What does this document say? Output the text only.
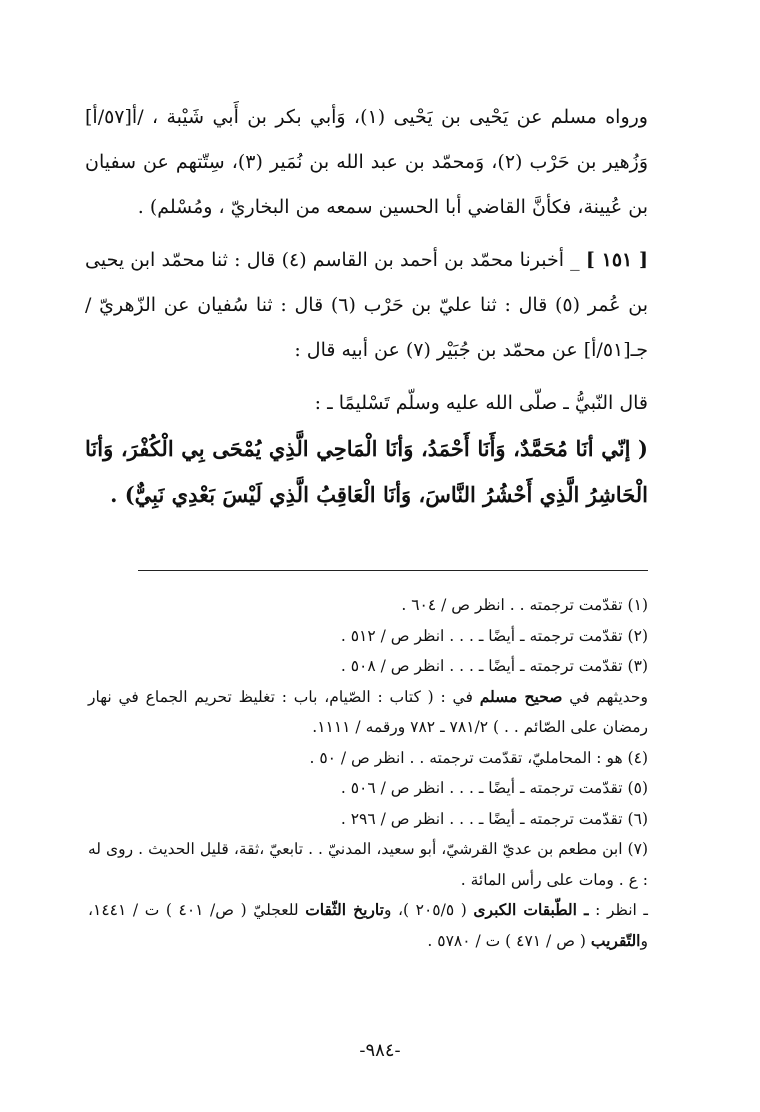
ورواه مسلم عن يَحْيى بن يَحْيى (١)، وَأبي بكر بن أَبي شَيْبة ، /أ[٥٧/أ] وَزُهير بن حَرْب (٢)، وَمحمّد بن عبد الله بن نُمَير (٣)، سِتّتهم عن سفيان بن عُيينة، فكأنَّ القاضي أبا الحسين سمعه من البخاريّ ، ومُسْلم) .

[ ١٥١ ] _ أخبرنا محمّد بن أحمد بن القاسم (٤) قال : ثنا محمّد ابن يحيى بن عُمر (٥) قال : ثنا عليّ بن حَرْب (٦) قال : ثنا سُفيان عن الزّهريّ / جـ[٥١/أ] عن محمّد بن جُبَيْر (٧) عن أبيه قال :

قال النّبيُّ ـ صلّى الله عليه وسلّم تَسْليمًا ـ :

( إنّي أنَا مُحَمَّدٌ، وَأَنَا أَحْمَدُ، وَأنَا الْمَاحِي الَّذِي يُمْحَى بِي الْكُفْرَ، وَأنَا الْحَاشِرُ الَّذِي أَحْشُرُ النَّاسَ، وَأنَا الْعَاقِبُ الَّذِي لَيْسَ بَعْدِي نَبِيٌّ) .

(١) تقدّمت ترجمته . . انظر ص / ٦٠٤ .

(٢) تقدّمت ترجمته ـ أيضًا ـ . . . انظر ص / ٥١٢ .

(٣) تقدّمت ترجمته ـ أيضًا ـ . . . انظر ص / ٥٠٨ .

وحديثهم في صحيح مسلم في : ( كتاب : الصّيام، باب : تغليظ تحريم الجماع في نهار رمضان على الصّائم . . ) ٧٨١/٢ ـ ٧٨٢ ورقمه / ١١١١.

(٤) هو : المحامليّ، تقدّمت ترجمته . . انظر ص / ٥٠ .

(٥) تقدّمت ترجمته ـ أيضًا ـ . . . انظر ص / ٥٠٦ .

(٦) تقدّمت ترجمته ـ أيضًا ـ . . . انظر ص / ٢٩٦ .

(٧) ابن مطعم بن عديّ القرشيّ، أبو سعيد، المدنيّ . . تابعيّ ،ثقة، قليل الحديث . روى له : ع . ومات على رأس المائة .

ـ انظر : ـ الطّبقات الكبرى ( ٢٠٥/٥ )، وتاريخ الثّقات للعجليّ ( ص/ ٤٠١ ) ت / ١٤٤١، والتّقريب ( ص / ٤٧١ ) ت / ٥٧٨٠ .

-٩٨٤-
